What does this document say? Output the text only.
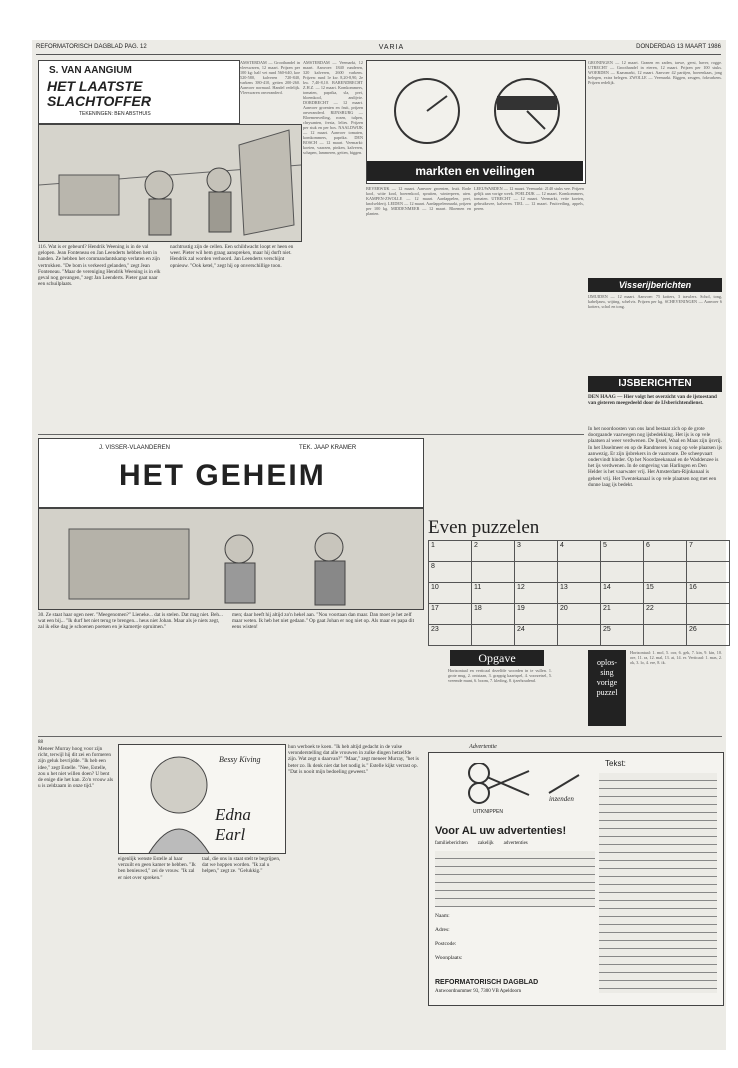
REFORMATORISCH DAGBLAD PAG. 12	VARIA	DONDERDAG 13 MAART 1986
S. VAN AANGIUM
HET LAATSTE SLACHTOFFER
TEKENINGEN: BEN ABSTHUIS
AMSTERDAM — Groothandel in vleeswaren, 12 maart. Prijzen per 100 kg: half vet rund 560-640, koe 520-580, kalveren 720-840, varkens 380-410, geiten 200-260. Aanvoer normaal. Handel redelijk. Vleeswaren onveranderd.
116. Wat is er gebeurd? Hendrik Weening is in de val gelopen. Jean Fonteneau en Jan Leenderts hebben hem in handen. Ze hebben het commandantskamp verlaten en zijn vertrokken. "De bom is verkeerd gelanden," zegt Jean Fonteneau. "Maar de vereniging Hendrik Weening is in elk geval nog gevangen," zegt Jan Leenderts. Pieter gaat naar een schuilplaats.
nachtrustig zijn de cellen. Een schildwacht loopt er heen en weer. Pieter wil hem graag aanspreken, maar hij durft niet. Hendrik zal worden verhoord. Jan Leenderts verschijnt opnieuw. "Ook ketel," zegt hij op onverschillige toon.
AMSTERDAM — Veemarkt, 12 maart. Aanvoer: 1840 runderen, 320 kalveren, 2600 varkens. Prijzen: rund 1e kw. 8,20-8,90, 2e kw. 7,40-8,10. BARENDRECHT Z.H.Z. — 12 maart. Komkommers, tomaten, paprika, sla, prei, bloemkool, andijvie. DORDRECHT — 12 maart. Aanvoer groenten en fruit, prijzen onveranderd. RIJNSBURG — Bloemenveiling, rozen, tulpen, chrysanten, fresia, lelies. Prijzen per stuk en per bos. NAALDWIJK — 12 maart. Aanvoer tomaten, komkommers, paprika. DEN BOSCH — 12 maart. Veemarkt: koeien, vaarzen, pinken, kalveren, schapen, lammeren, geiten, biggen.
markten en veilingen
BEVERWIJK — 12 maart. Aanvoer groenten, fruit. Rode kool, witte kool, boerenkool, spruiten, winterpeen, uien. KAMPEN-ZWOLLE — 12 maart. Aardappelen, prei, knolselderij. LEIDEN — 12 maart. Aardappelenmarkt, prijzen per 100 kg. MIDDENMEER — 12 maart. Bloemen en planten.
LEEUWARDEN — 12 maart. Veemarkt: 2140 stuks vee. Prijzen gelijk aan vorige week. POELDIJK — 12 maart. Komkommers, tomaten. UTRECHT — 12 maart. Veemarkt, vette koeien, gebruiksvee, kalveren. TIEL — 12 maart. Fruitveiling, appels, peren.
GRONINGEN — 12 maart. Granen en zaden, tarwe, gerst, haver, rogge. UTRECHT — Groothandel in eieren, 12 maart. Prijzen per 100 stuks. WOERDEN — Kaasmarkt, 12 maart. Aanvoer 42 partijen, boerenkaas, jong belegen, extra belegen. ZWOLLE — Veemarkt. Biggen, zeugen, fokvarkens. Prijzen redelijk.
Visserijberichten
IJMUIDEN — 12 maart. Aanvoer: 75 kotters, 3 trawlers. Schol, tong, kabeljauw, wijting, schelvis. Prijzen per kg. SCHEVENINGEN — Aanvoer 6 kotters, schol en tong.
IJSBERICHTEN
DEN HAAG — Hier volgt het overzicht van de ijstoestand van gisteren meegedeeld door de IJsberichtendienst.
In het noordoosten van ons land bestaat zich op de grote doorgaande vaarwegen nog ijsbedekking. Het ijs is op vele plaatsen al weer verdwenen. De Ijssel, Waal en Maas zijn ijsvrij. In het IJsselmeer en op de Randmeren is nog op vele plaatsen ijs aanwezig. Er zijn ijsbrekers in de vaarroute. De scheepvaart ondervindt hinder. Op het Noordzeekanaal en de Waddenzee is het ijs verdwenen. In de omgeving van Harlingen en Den Helder is het vaarwater vrij. Het Amsterdam-Rijnkanaal is geheel vrij. Het Twentekanaal is op vele plaatsen nog met een dunne laag ijs bedekt.
J. VISSER-VLAANDEREN	TEK. JAAP KRAMER
HET GEHEIM
30. Ze staat haar ogen neer. "Meegenomen?" Lieneke... dat is stelen. Dat mag niet. Beh... wat een bij... "Ik durf het niet terug te brengen... heus niet Johan. Maar als je niets zegt, zal ik elke dag je schoenen poetsen en je kamertje opruimen."
men; daar heeft hij altijd zo'n hekel aan. "Nou voortaan dan maar. Dan moet je het zelf maar weten. Ik heb het niet gedaan." Op gaat Johan er nog niet op. Als maar en papa dit eens wisten!
Even puzzelen
1	2	3	4	5	6	7
8						
10	11	12	13	14	15	16
17	18	19	20	21	22	
23		24		25		26
Opgave
Horizontaal en verticaal dezelfde woorden in te vullen. 1. grote mug, 2. ontstaan, 3. grappig kaartspel, 4. voorzetsel, 5. vreemde munt, 6. boom, 7. kleding, 8. ijzerhoudend.
oplos-
sing
vorige
puzzel
Horizontaal: 1. mol, 5. oor, 6. gek, 7. kin, 9. kin, 10. ore, 11. ra, 12. mal, 13. ai, 14. er. Verticaal: 1. mas, 2. ok, 3. lo, 4. ere, 8. ik.
88
Meneer Murray hoog voor zijn richt, terwijl hij dit zei en formeren zijn geluk bevrijdde. "Ik heb een idee," zegt Estelle. "Nee, Estelle, zou u het niet willen doen? U bent de enige die het kan. Zo'n vrouw als u is zeldzaam in onze tijd."
Bessy Kiving
Edna Earl
eigenlijk wenste Estelle al haar verzuilt en geen kamer te hebben. "Ik ben benieuwd," zei de vrouw. "Ik zal er niet over spreken."
taal, die ons in staat stelt te begrijpen, dat we hoppen worden. "Ik zal u helpen," zegt ze. "Gelukkig."
hun werboek te koen. "Ik heb altijd gedacht in de valse veronderstelling dat alle vrouwen in zulke dingen hetzelfde zijn. Wat zegt u daarvan?" "Maar," zegt meneer Murray, "het is beter zo. Ik denk niet dat het nodig is." Estelle kijkt verrast op. "Dat is nooit mijn bedoeling geweest."
Advertentie
Tekst:
UITKNIPPEN
inzenden
Voor AL uw advertenties!
familieberichten zakelijk advertenties
Naam:
Adres:
Postcode:
Woonplaats:
REFORMATORISCH DAGBLAD
Antwoordnummer 93, 7300 VB Apeldoorn
